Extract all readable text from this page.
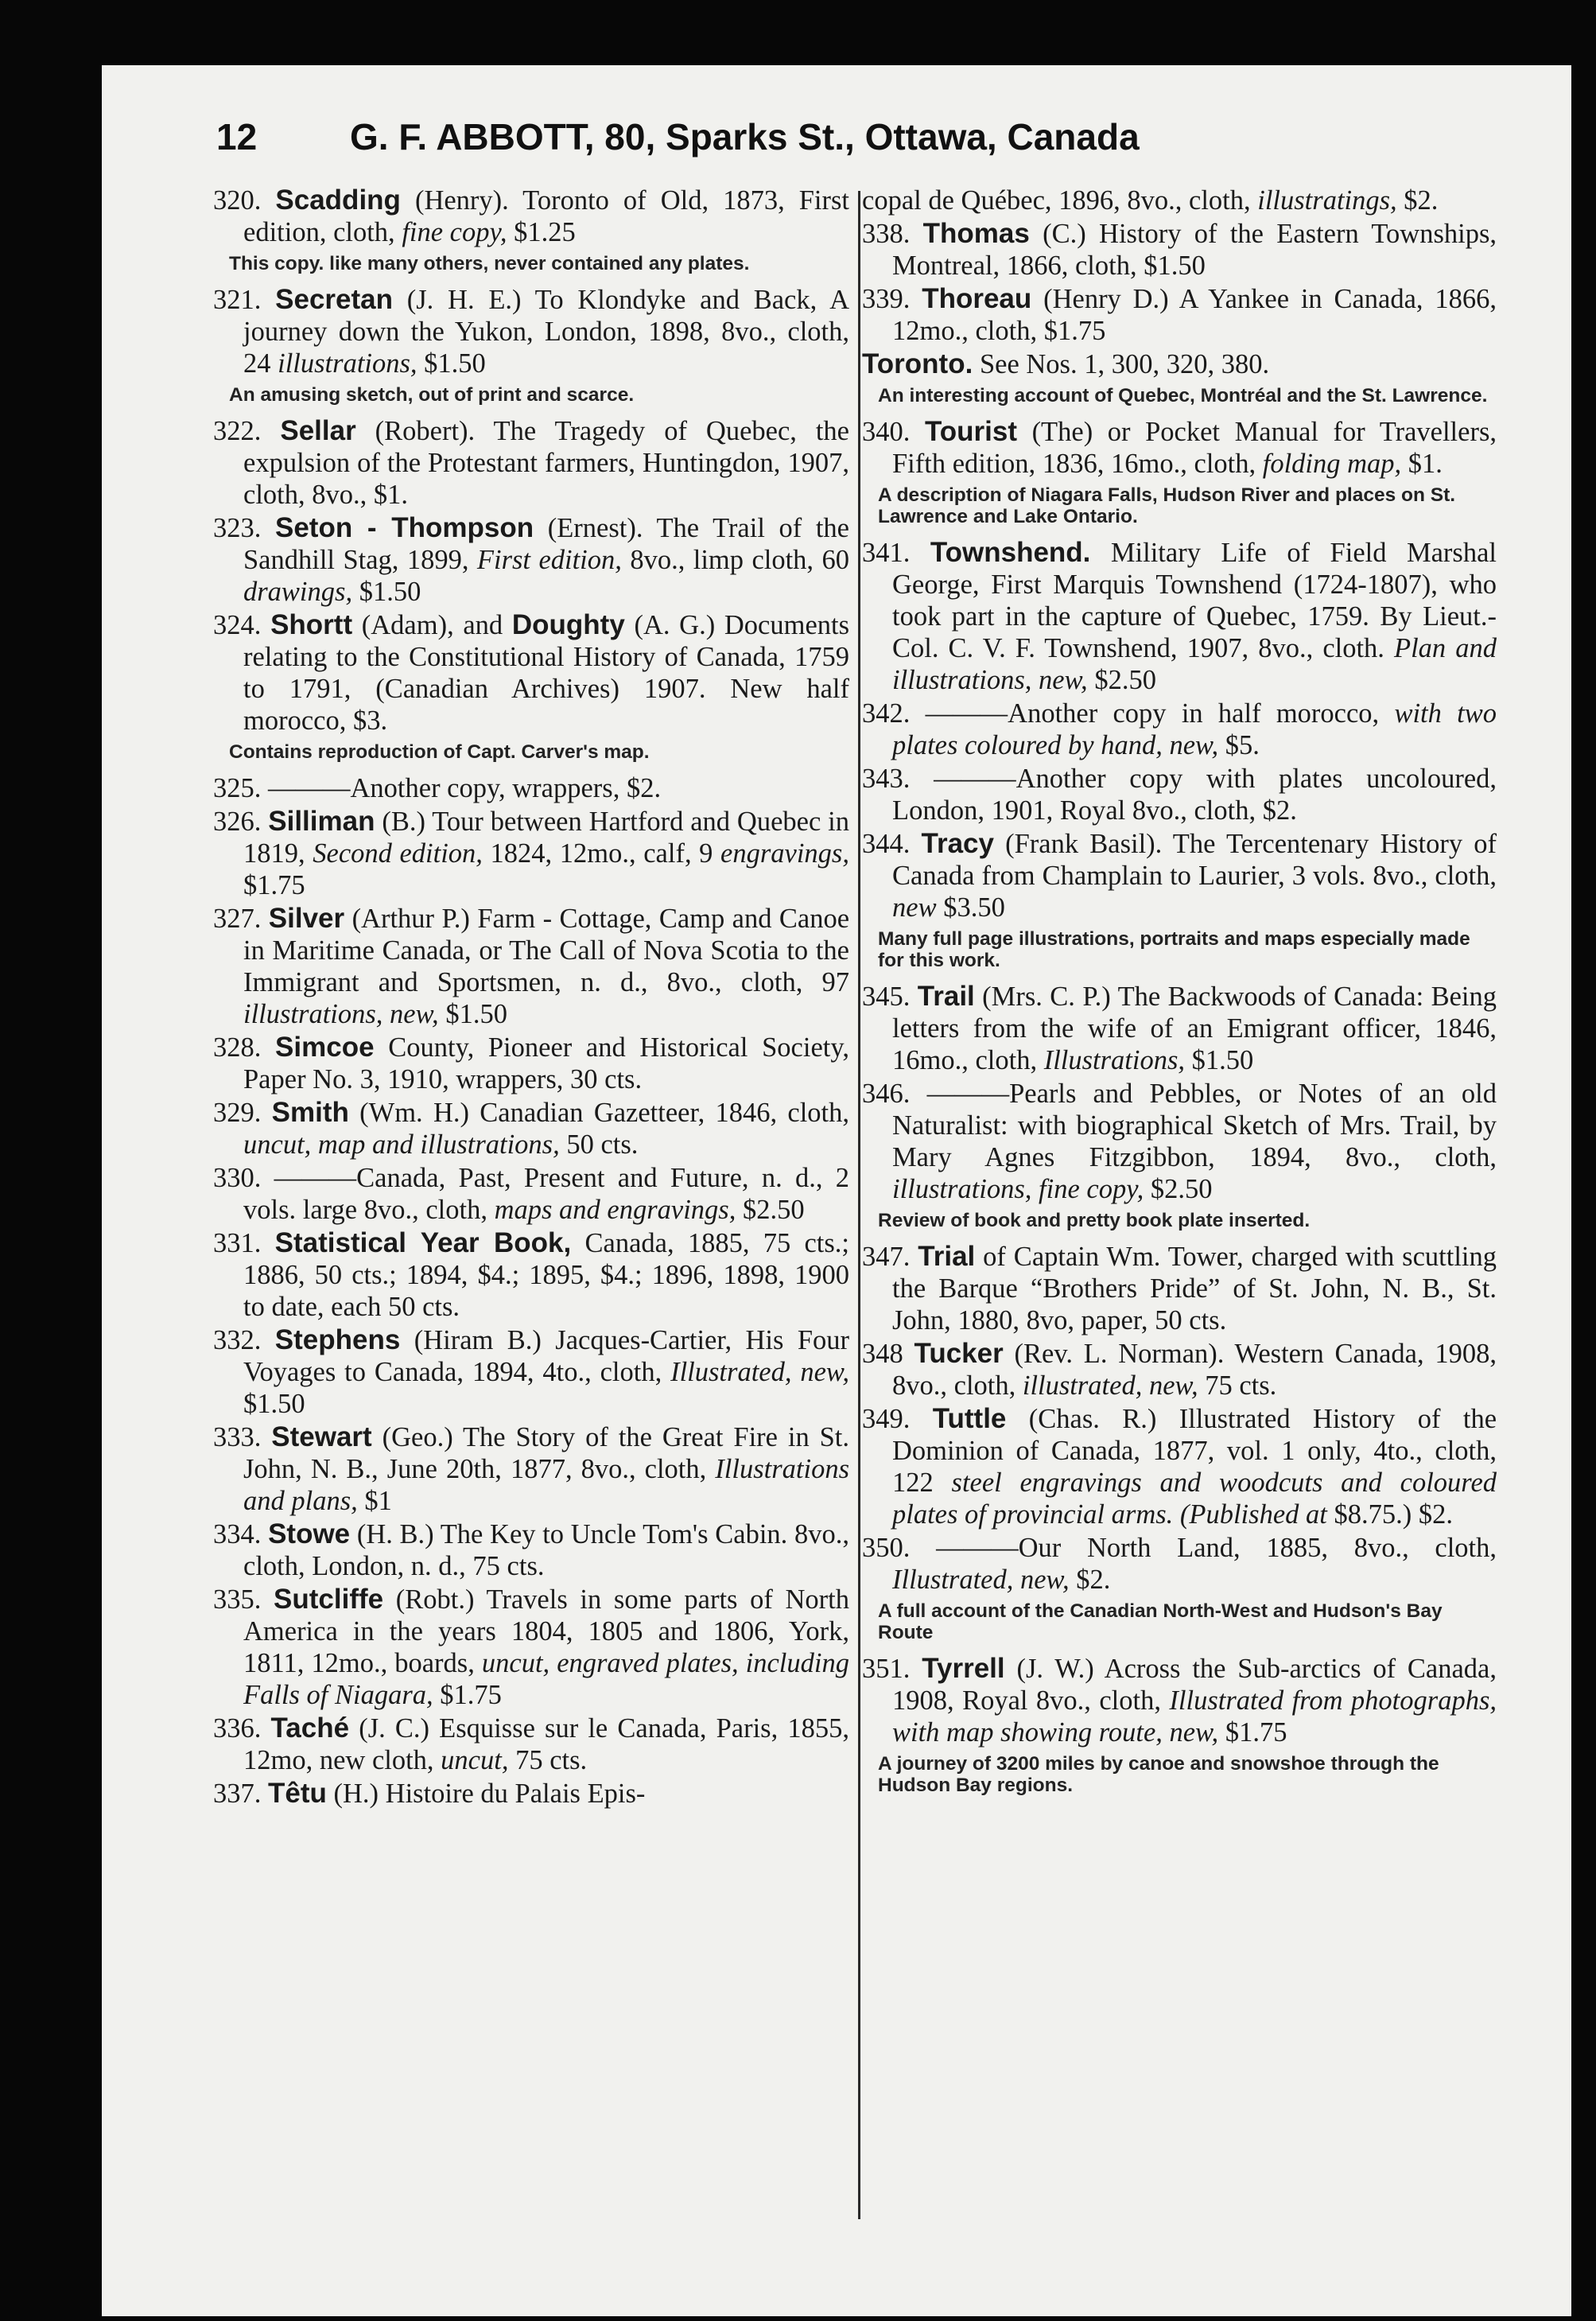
12	G. F. ABBOTT, 80, Sparks St., Ottawa, Canada
320. Scadding (Henry). Toronto of Old, 1873, First edition, cloth, fine copy, $1.25
This copy. like many others, never contained any plates.
321. Secretan (J. H. E.) To Klondyke and Back, A journey down the Yukon, London, 1898, 8vo., cloth, 24 illustrations, $1.50
An amusing sketch, out of print and scarce.
322. Sellar (Robert). The Tragedy of Quebec, the expulsion of the Protestant farmers, Huntingdon, 1907, cloth, 8vo., $1.
323. Seton - Thompson (Ernest). The Trail of the Sandhill Stag, 1899, First edition, 8vo., limp cloth, 60 drawings, $1.50
324. Shortt (Adam), and Doughty (A. G.) Documents relating to the Constitutional History of Canada, 1759 to 1791, (Canadian Archives) 1907. New half morocco, $3.
Contains reproduction of Capt. Carver's map.
325. ———Another copy, wrappers, $2.
326. Silliman (B.) Tour between Hartford and Quebec in 1819, Second edition, 1824, 12mo., calf, 9 engravings, $1.75
327. Silver (Arthur P.) Farm - Cottage, Camp and Canoe in Maritime Canada, or The Call of Nova Scotia to the Immigrant and Sportsmen, n. d., 8vo., cloth, 97 illustrations, new, $1.50
328. Simcoe County, Pioneer and Historical Society, Paper No. 3, 1910, wrappers, 30 cts.
329. Smith (Wm. H.) Canadian Gazetteer, 1846, cloth, uncut, map and illustrations, 50 cts.
330. ———Canada, Past, Present and Future, n. d., 2 vols. large 8vo., cloth, maps and engravings, $2.50
331. Statistical Year Book, Canada, 1885, 75 cts.; 1886, 50 cts.; 1894, $4.; 1895, $4.; 1896, 1898, 1900 to date, each 50 cts.
332. Stephens (Hiram B.) Jacques-Cartier, His Four Voyages to Canada, 1894, 4to., cloth, Illustrated, new, $1.50
333. Stewart (Geo.) The Story of the Great Fire in St. John, N. B., June 20th, 1877, 8vo., cloth, Illustrations and plans, $1
334. Stowe (H. B.) The Key to Uncle Tom's Cabin. 8vo., cloth, London, n. d., 75 cts.
335. Sutcliffe (Robt.) Travels in some parts of North America in the years 1804, 1805 and 1806, York, 1811, 12mo., boards, uncut, engraved plates, including Falls of Niagara, $1.75
336. Taché (J. C.) Esquisse sur le Canada, Paris, 1855, 12mo, new cloth, uncut, 75 cts.
337. Têtu (H.) Histoire du Palais Epis-
copal de Québec, 1896, 8vo., cloth, illustratings, $2.
338. Thomas (C.) History of the Eastern Townships, Montreal, 1866, cloth, $1.50
339. Thoreau (Henry D.) A Yankee in Canada, 1866, 12mo., cloth, $1.75
Toronto. See Nos. 1, 300, 320, 380.
An interesting account of Quebec, Montréal and the St. Lawrence.
340. Tourist (The) or Pocket Manual for Travellers, Fifth edition, 1836, 16mo., cloth, folding map, $1.
A description of Niagara Falls, Hudson River and places on St. Lawrence and Lake Ontario.
341. Townshend. Military Life of Field Marshal George, First Marquis Townshend (1724-1807), who took part in the capture of Quebec, 1759. By Lieut.-Col. C. V. F. Townshend, 1907, 8vo., cloth. Plan and illustrations, new, $2.50
342. ———Another copy in half morocco, with two plates coloured by hand, new, $5.
343. ———Another copy with plates uncoloured, London, 1901, Royal 8vo., cloth, $2.
344. Tracy (Frank Basil). The Tercentenary History of Canada from Champlain to Laurier, 3 vols. 8vo., cloth, new $3.50
Many full page illustrations, portraits and maps especially made for this work.
345. Trail (Mrs. C. P.) The Backwoods of Canada: Being letters from the wife of an Emigrant officer, 1846, 16mo., cloth, Illustrations, $1.50
346. ———Pearls and Pebbles, or Notes of an old Naturalist: with biographical Sketch of Mrs. Trail, by Mary Agnes Fitzgibbon, 1894, 8vo., cloth, illustrations, fine copy, $2.50
Review of book and pretty book plate inserted.
347. Trial of Captain Wm. Tower, charged with scuttling the Barque “Brothers Pride” of St. John, N. B., St. John, 1880, 8vo, paper, 50 cts.
348 Tucker (Rev. L. Norman). Western Canada, 1908, 8vo., cloth, illustrated, new, 75 cts.
349. Tuttle (Chas. R.) Illustrated History of the Dominion of Canada, 1877, vol. 1 only, 4to., cloth, 122 steel engravings and woodcuts and coloured plates of provincial arms. (Published at $8.75.) $2.
350. ———Our North Land, 1885, 8vo., cloth, Illustrated, new, $2.
A full account of the Canadian North-West and Hudson's Bay Route
351. Tyrrell (J. W.) Across the Sub-arctics of Canada, 1908, Royal 8vo., cloth, Illustrated from photographs, with map showing route, new, $1.75
A journey of 3200 miles by canoe and snowshoe through the Hudson Bay regions.
